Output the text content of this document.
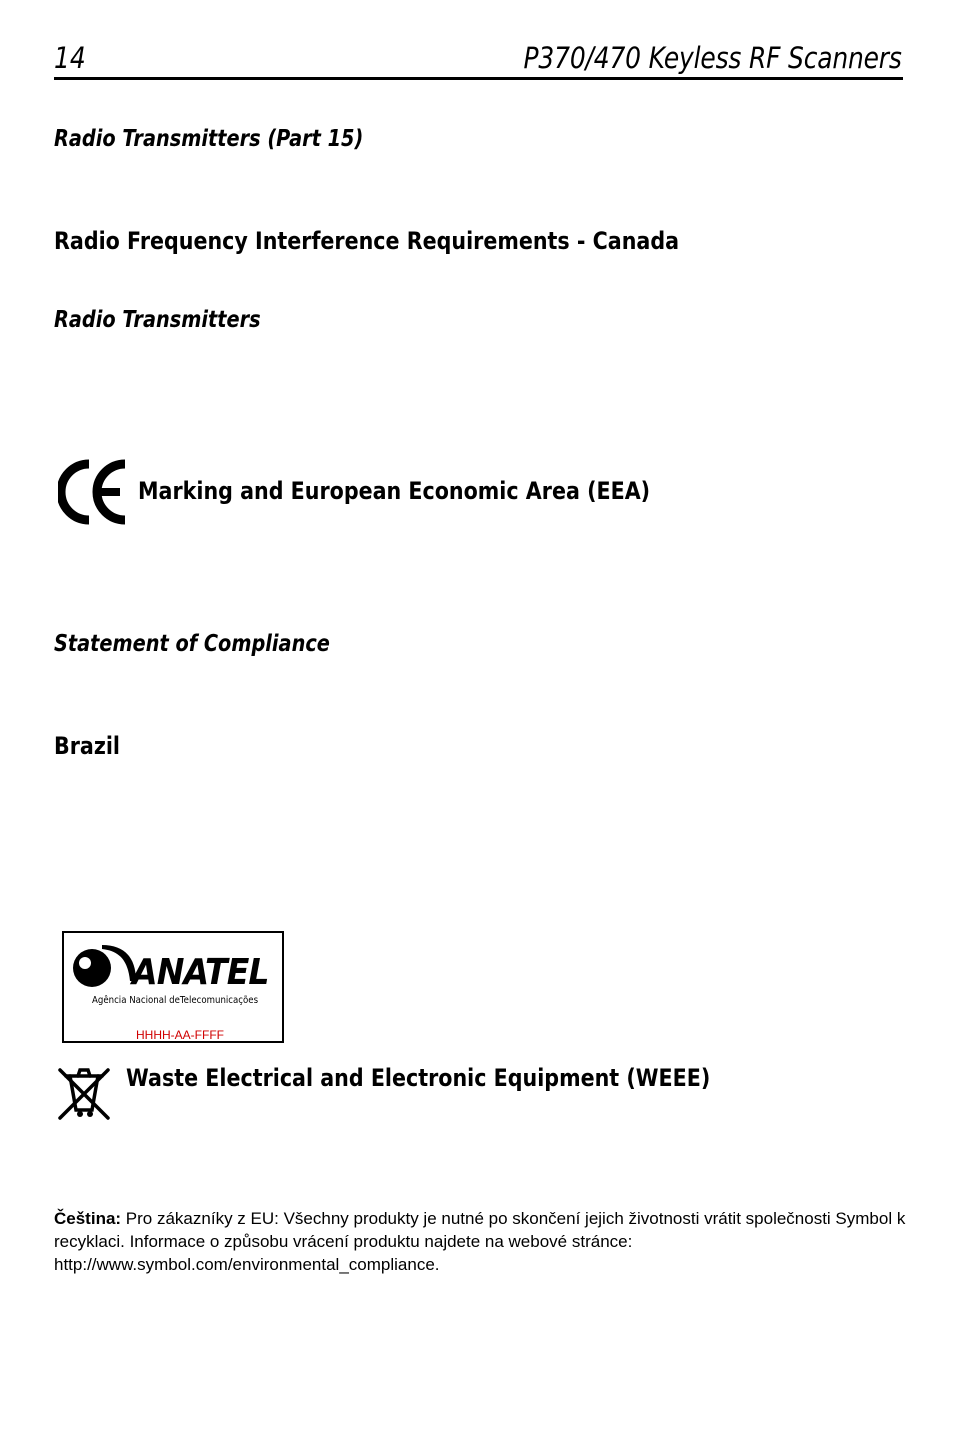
14	P370/470 Keyless RF Scanners
Radio Transmitters (Part 15)
Radio Frequency Interference Requirements - Canada
Radio Transmitters
Marking and European Economic Area (EEA)
Statement of Compliance
Brazil
ANATEL
Agência Nacional deTelecomunicações
HHHH-AA-FFFF
Waste Electrical and Electronic Equipment (WEEE)
Čeština: Pro zákazníky z EU: Všechny produkty je nutné po skončení jejich životnosti vrátit společnosti Symbol k recyklaci. Informace o způsobu vrácení produktu najdete na webové stránce: http://www.symbol.com/environmental_compliance.
